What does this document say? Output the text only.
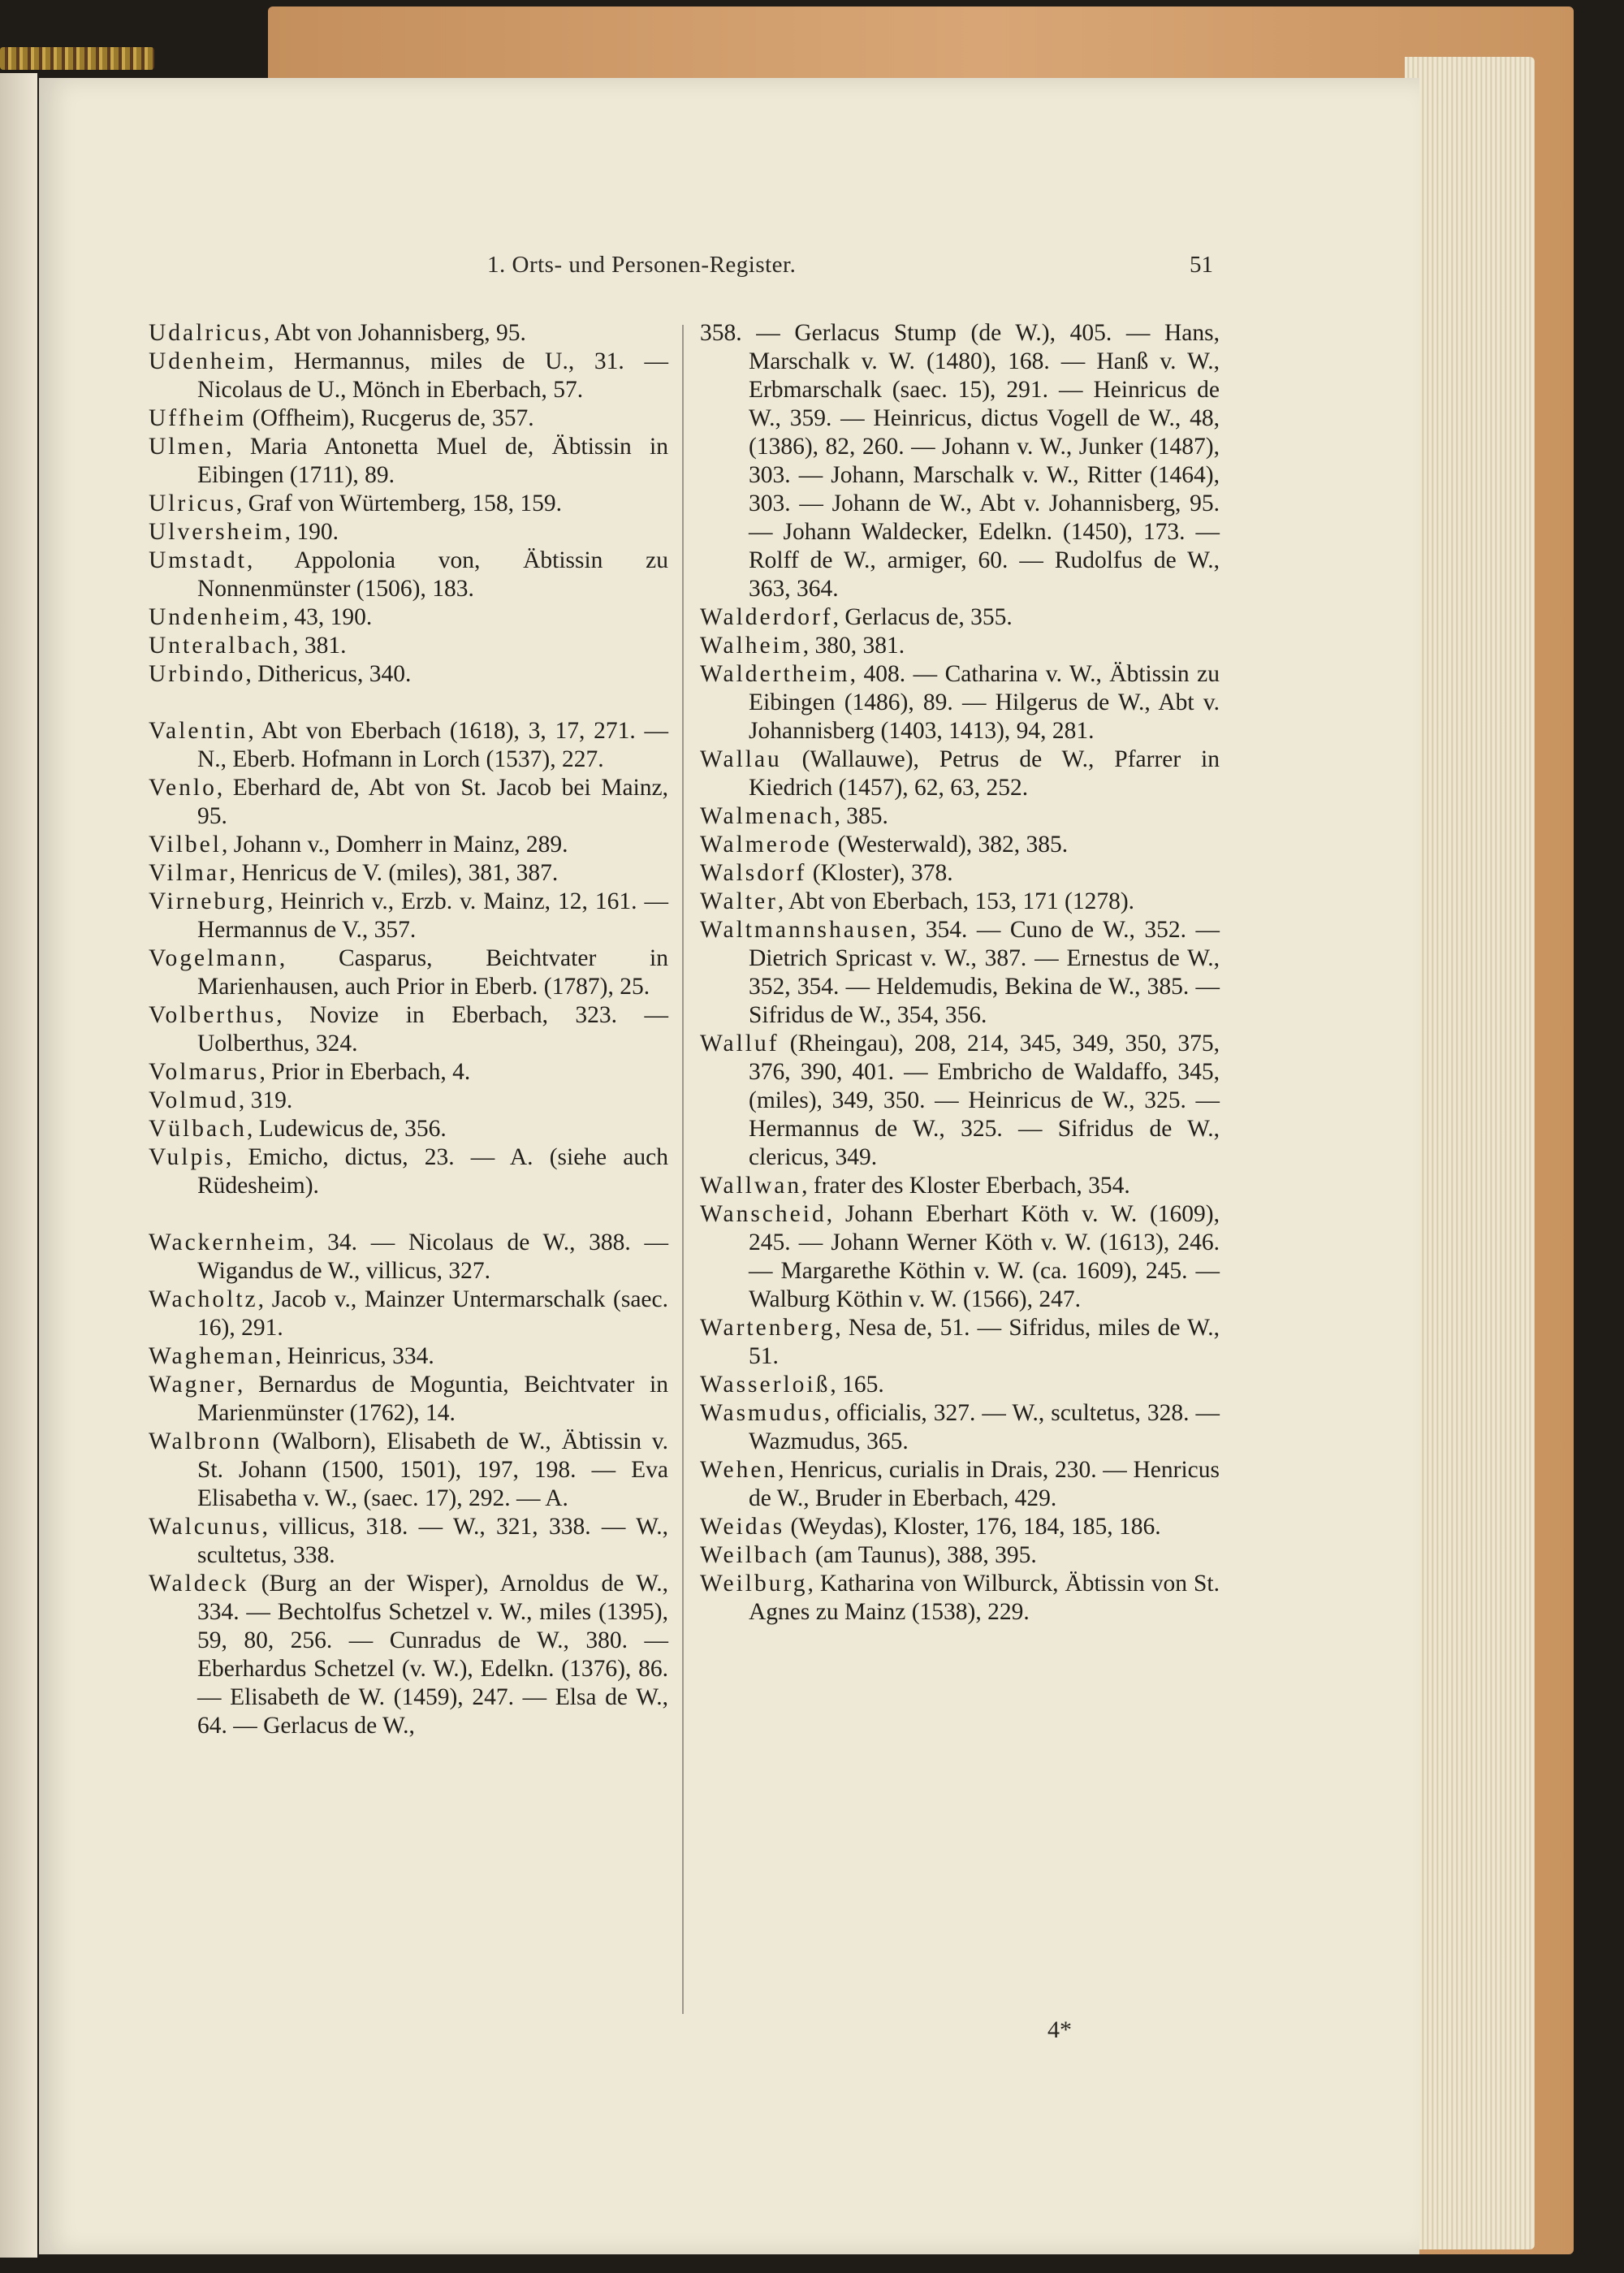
1. Orts- und Personen-Register.	51

Udalricus, Abt von Johannisberg, 95.

Udenheim, Hermannus, miles de U., 31. — Nicolaus de U., Mönch in Eberbach, 57.

Uffheim (Offheim), Rucgerus de, 357.

Ulmen, Maria Antonetta Muel de, Äbtissin in Eibingen (1711), 89.

Ulricus, Graf von Würtemberg, 158, 159.

Ulversheim, 190.

Umstadt, Appolonia von, Äbtissin zu Nonnenmünster (1506), 183.

Undenheim, 43, 190.

Unteralbach, 381.

Urbindo, Dithericus, 340.

Valentin, Abt von Eberbach (1618), 3, 17, 271. — N., Eberb. Hofmann in Lorch (1537), 227.

Venlo, Eberhard de, Abt von St. Jacob bei Mainz, 95.

Vilbel, Johann v., Domherr in Mainz, 289.

Vilmar, Henricus de V. (miles), 381, 387.

Virneburg, Heinrich v., Erzb. v. Mainz, 12, 161. — Hermannus de V., 357.

Vogelmann, Casparus, Beichtvater in Marienhausen, auch Prior in Eberb. (1787), 25.

Volberthus, Novize in Eberbach, 323. — Uolberthus, 324.

Volmarus, Prior in Eberbach, 4.

Volmud, 319.

Vülbach, Ludewicus de, 356.

Vulpis, Emicho, dictus, 23. — A. (siehe auch Rüdesheim).

Wackernheim, 34. — Nicolaus de W., 388. — Wigandus de W., villicus, 327.

Wacholtz, Jacob v., Mainzer Untermarschalk (saec. 16), 291.

Wagheman, Heinricus, 334.

Wagner, Bernardus de Moguntia, Beichtvater in Marienmünster (1762), 14.

Walbronn (Walborn), Elisabeth de W., Äbtissin v. St. Johann (1500, 1501), 197, 198. — Eva Elisabetha v. W., (saec. 17), 292. — A.

Walcunus, villicus, 318. — W., 321, 338. — W., scultetus, 338.

Waldeck (Burg an der Wisper), Arnoldus de W., 334. — Bechtolfus Schetzel v. W., miles (1395), 59, 80, 256. — Cunradus de W., 380. — Eberhardus Schetzel (v. W.), Edelkn. (1376), 86. — Elisabeth de W. (1459), 247. — Elsa de W., 64. — Gerlacus de W.,

358. — Gerlacus Stump (de W.), 405. — Hans, Marschalk v. W. (1480), 168. — Hanß v. W., Erbmarschalk (saec. 15), 291. — Heinricus de W., 359. — Heinricus, dictus Vogell de W., 48, (1386), 82, 260. — Johann v. W., Junker (1487), 303. — Johann, Marschalk v. W., Ritter (1464), 303. — Johann de W., Abt v. Johannisberg, 95. — Johann Waldecker, Edelkn. (1450), 173. — Rolff de W., armiger, 60. — Rudolfus de W., 363, 364.

Walderdorf, Gerlacus de, 355.

Walheim, 380, 381.

Waldertheim, 408. — Catharina v. W., Äbtissin zu Eibingen (1486), 89. — Hilgerus de W., Abt v. Johannisberg (1403, 1413), 94, 281.

Wallau (Wallauwe), Petrus de W., Pfarrer in Kiedrich (1457), 62, 63, 252.

Walmenach, 385.

Walmerode (Westerwald), 382, 385.

Walsdorf (Kloster), 378.

Walter, Abt von Eberbach, 153, 171 (1278).

Waltmannshausen, 354. — Cuno de W., 352. — Dietrich Spricast v. W., 387. — Ernestus de W., 352, 354. — Heldemudis, Bekina de W., 385. — Sifridus de W., 354, 356.

Walluf (Rheingau), 208, 214, 345, 349, 350, 375, 376, 390, 401. — Embricho de Waldaffo, 345, (miles), 349, 350. — Heinricus de W., 325. — Hermannus de W., 325. — Sifridus de W., clericus, 349.

Wallwan, frater des Kloster Eberbach, 354.

Wanscheid, Johann Eberhart Köth v. W. (1609), 245. — Johann Werner Köth v. W. (1613), 246. — Margarethe Köthin v. W. (ca. 1609), 245. — Walburg Köthin v. W. (1566), 247.

Wartenberg, Nesa de, 51. — Sifridus, miles de W., 51.

Wasserloiß, 165.

Wasmudus, officialis, 327. — W., scultetus, 328. — Wazmudus, 365.

Wehen, Henricus, curialis in Drais, 230. — Henricus de W., Bruder in Eberbach, 429.

Weidas (Weydas), Kloster, 176, 184, 185, 186.

Weilbach (am Taunus), 388, 395.

Weilburg, Katharina von Wilburck, Äbtissin von St. Agnes zu Mainz (1538), 229.

4*
